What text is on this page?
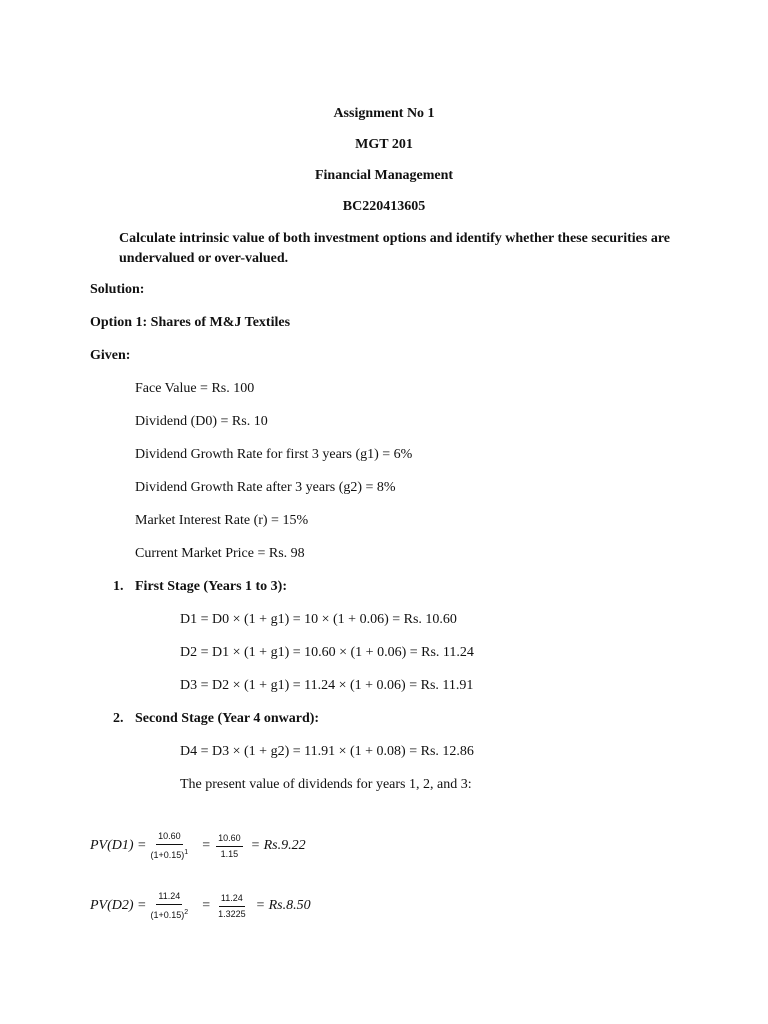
Assignment No 1
MGT 201
Financial Management
BC220413605
Calculate intrinsic value of both investment options and identify whether these securities are undervalued or over-valued.
Solution:
Option 1: Shares of M&J Textiles
Given:
Face Value = Rs. 100
Dividend (D0) = Rs. 10
Dividend Growth Rate for first 3 years (g1) = 6%
Dividend Growth Rate after 3 years (g2) = 8%
Market Interest Rate (r) = 15%
Current Market Price = Rs. 98
1. First Stage (Years 1 to 3):
D1 = D0 × (1 + g1) = 10 × (1 + 0.06) = Rs. 10.60
D2 = D1 × (1 + g1) = 10.60 × (1 + 0.06) = Rs. 11.24
D3 = D2 × (1 + g1) = 11.24 × (1 + 0.06) = Rs. 11.91
2. Second Stage (Year 4 onward):
D4 = D3 × (1 + g2) = 11.91 × (1 + 0.08) = Rs. 12.86
The present value of dividends for years 1, 2, and 3:
$PV(D1) = \frac{10.60}{(1+0.15)^1} = \frac{10.60}{1.15} = Rs.9.22$
$PV(D2) = \frac{11.24}{(1+0.15)^2} = \frac{11.24}{1.3225} = Rs.8.50$
